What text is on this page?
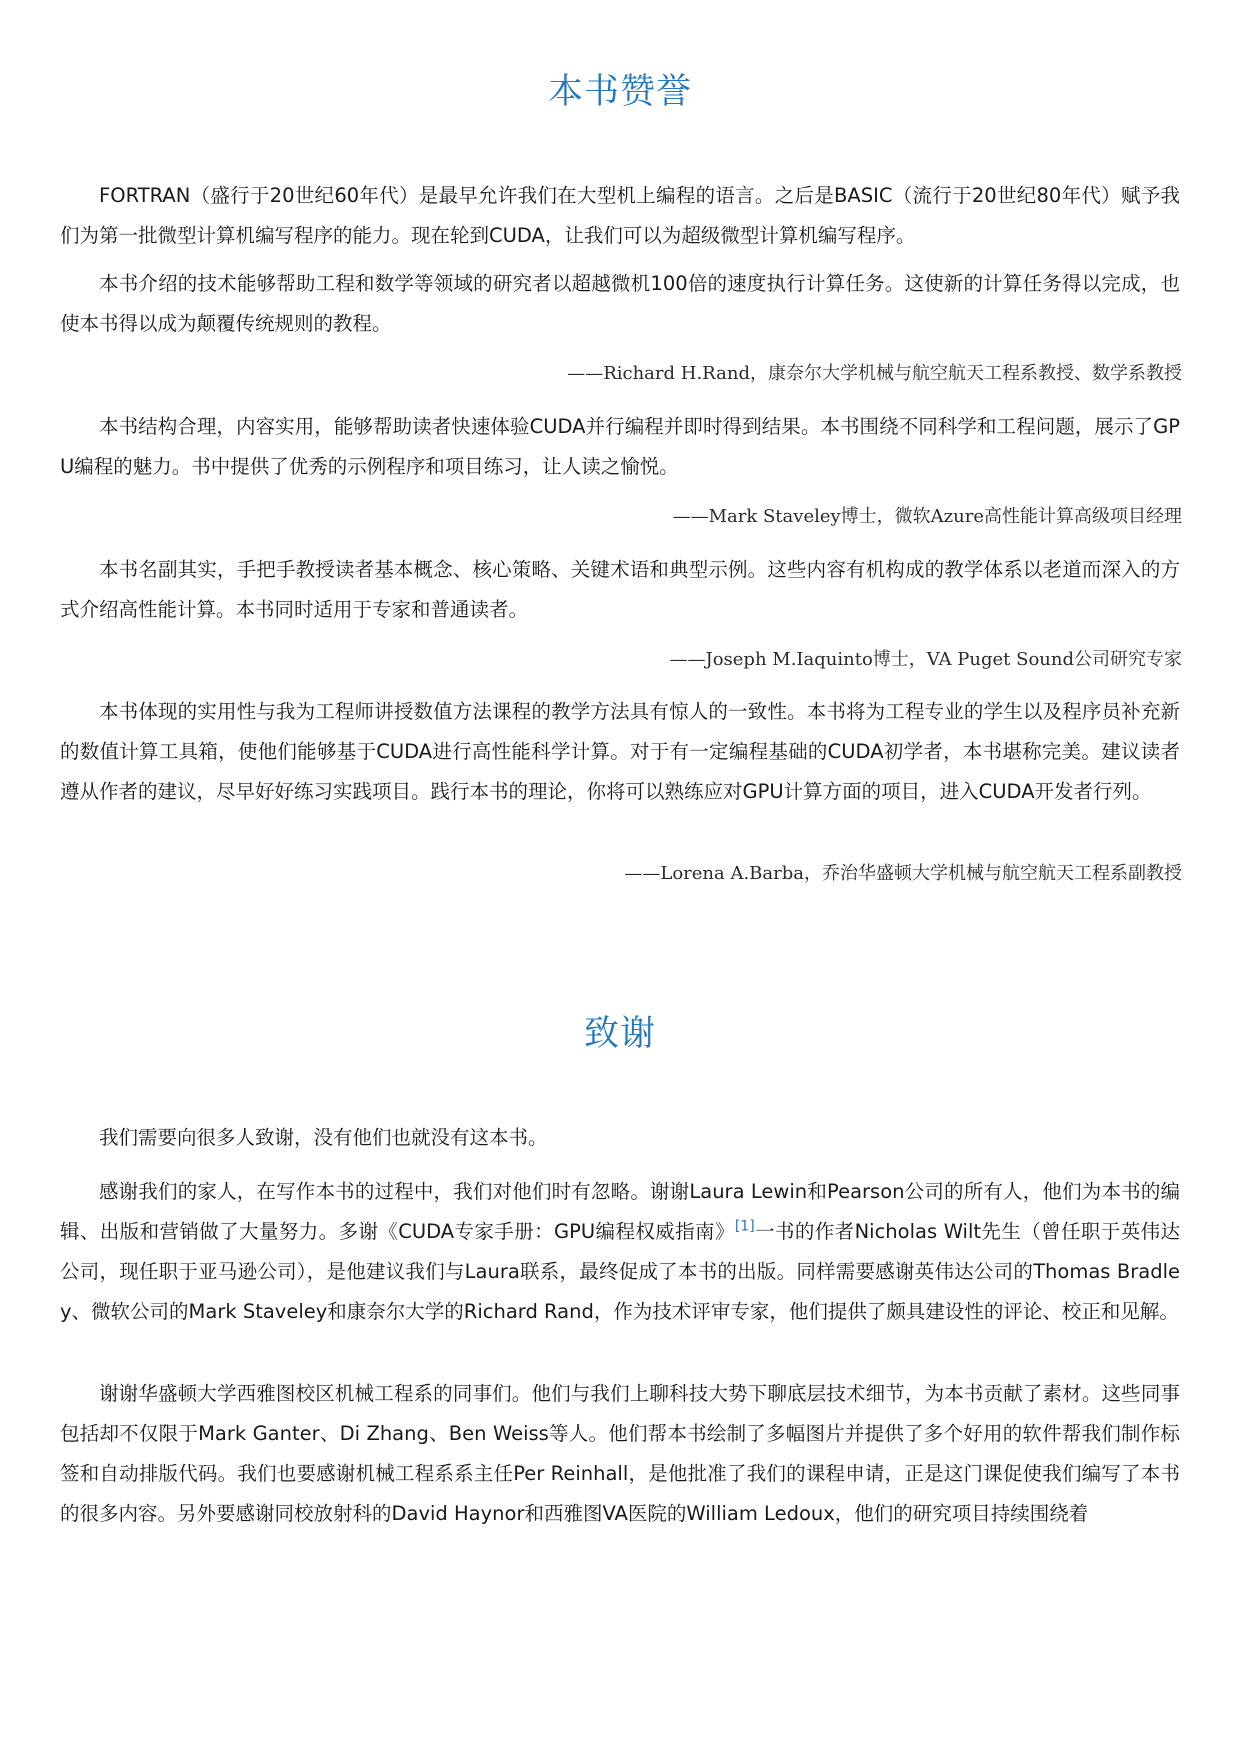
本书赞誉

FORTRAN（盛行于20世纪60年代）是最早允许我们在大型机上编程的语言。之后是BASIC（流行于20世纪80年代）赋予我们为第一批微型计算机编写程序的能力。现在轮到CUDA，让我们可以为超级微型计算机编写程序。

本书介绍的技术能够帮助工程和数学等领域的研究者以超越微机100倍的速度执行计算任务。这使新的计算任务得以完成，也使本书得以成为颠覆传统规则的教程。

——Richard H.Rand，康奈尔大学机械与航空航天工程系教授、数学系教授

本书结构合理，内容实用，能够帮助读者快速体验CUDA并行编程并即时得到结果。本书围绕不同科学和工程问题，展示了GPU编程的魅力。书中提供了优秀的示例程序和项目练习，让人读之愉悦。

——Mark Staveley博士，微软Azure高性能计算高级项目经理

本书名副其实，手把手教授读者基本概念、核心策略、关键术语和典型示例。这些内容有机构成的教学体系以老道而深入的方式介绍高性能计算。本书同时适用于专家和普通读者。

——Joseph M.Iaquinto博士，VA Puget Sound公司研究专家

本书体现的实用性与我为工程师讲授数值方法课程的教学方法具有惊人的一致性。本书将为工程专业的学生以及程序员补充新的数值计算工具箱，使他们能够基于CUDA进行高性能科学计算。对于有一定编程基础的CUDA初学者，本书堪称完美。建议读者遵从作者的建议，尽早好好练习实践项目。践行本书的理论，你将可以熟练应对GPU计算方面的项目，进入CUDA开发者行列。

——Lorena A.Barba，乔治华盛顿大学机械与航空航天工程系副教授

致谢

我们需要向很多人致谢，没有他们也就没有这本书。

感谢我们的家人，在写作本书的过程中，我们对他们时有忽略。谢谢Laura Lewin和Pearson公司的所有人，他们为本书的编辑、出版和营销做了大量努力。多谢《CUDA专家手册：GPU编程权威指南》[1]一书的作者Nicholas Wilt先生（曾任职于英伟达公司，现任职于亚马逊公司），是他建议我们与Laura联系，最终促成了本书的出版。同样需要感谢英伟达公司的Thomas Bradley、微软公司的Mark Staveley和康奈尔大学的Richard Rand，作为技术评审专家，他们提供了颇具建设性的评论、校正和见解。

谢谢华盛顿大学西雅图校区机械工程系的同事们。他们与我们上聊科技大势下聊底层技术细节，为本书贡献了素材。这些同事包括却不仅限于Mark Ganter、Di Zhang、Ben Weiss等人。他们帮本书绘制了多幅图片并提供了多个好用的软件帮我们制作标签和自动排版代码。我们也要感谢机械工程系系主任Per Reinhall，是他批准了我们的课程申请，正是这门课促使我们编写了本书的很多内容。另外要感谢同校放射科的David Haynor和西雅图VA医院的William Ledoux，他们的研究项目持续围绕着
